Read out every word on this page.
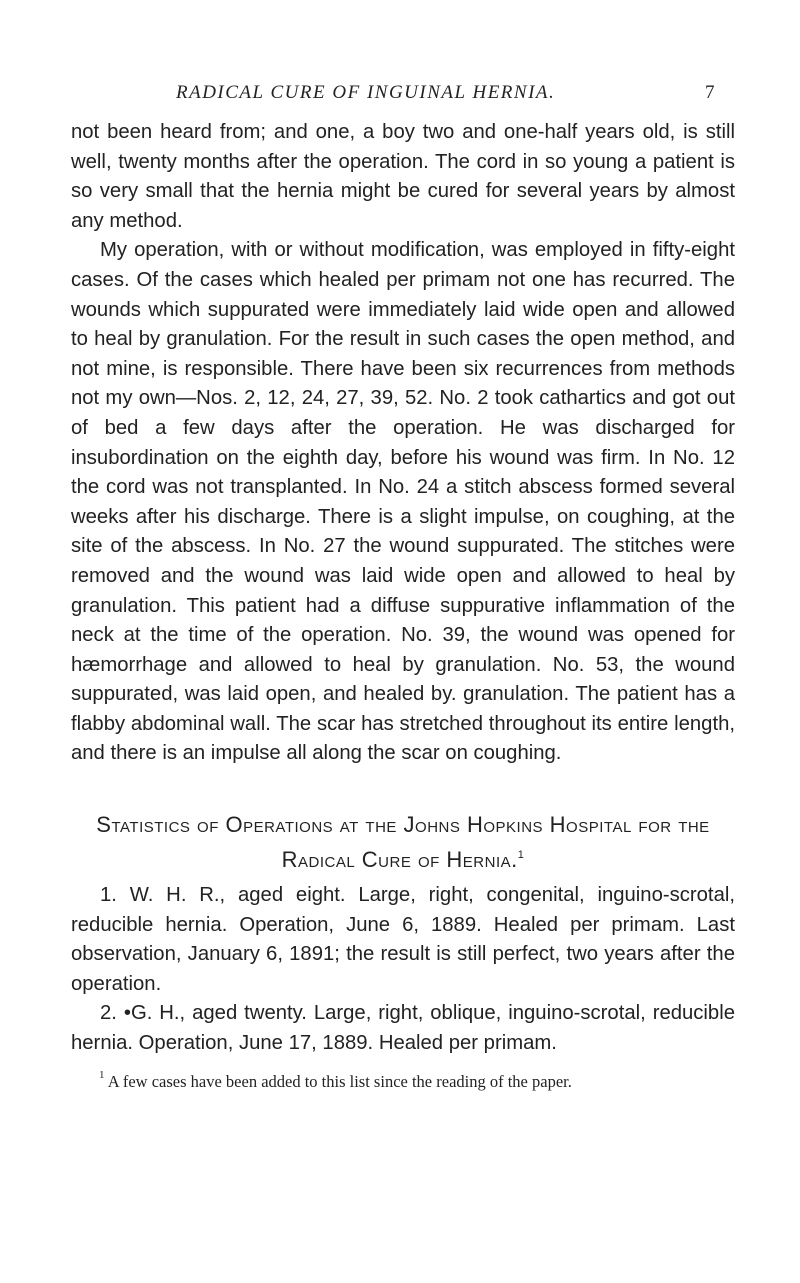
RADICAL CURE OF INGUINAL HERNIA.	7

not been heard from; and one, a boy two and one-half years old, is still well, twenty months after the operation. The cord in so young a patient is so very small that the hernia might be cured for several years by almost any method.

My operation, with or without modification, was employed in fifty-eight cases. Of the cases which healed per primam not one has recurred. The wounds which suppurated were immediately laid wide open and allowed to heal by granulation. For the result in such cases the open method, and not mine, is responsible. There have been six recurrences from methods not my own—Nos. 2, 12, 24, 27, 39, 52. No. 2 took cathartics and got out of bed a few days after the operation. He was discharged for insubordination on the eighth day, before his wound was firm. In No. 12 the cord was not transplanted. In No. 24 a stitch abscess formed several weeks after his discharge. There is a slight impulse, on coughing, at the site of the abscess. In No. 27 the wound suppurated. The stitches were removed and the wound was laid wide open and allowed to heal by granulation. This patient had a diffuse suppurative inflammation of the neck at the time of the operation. No. 39, the wound was opened for hæmorrhage and allowed to heal by granulation. No. 53, the wound suppurated, was laid open, and healed by. granulation. The patient has a flabby abdominal wall. The scar has stretched throughout its entire length, and there is an impulse all along the scar on coughing.

Statistics of Operations at the Johns Hopkins Hospital for the Radical Cure of Hernia.$^1$

1. W. H. R., aged eight. Large, right, congenital, inguino-scrotal, reducible hernia. Operation, June 6, 1889. Healed per primam. Last observation, January 6, 1891; the result is still perfect, two years after the operation.

2. •G. H., aged twenty. Large, right, oblique, inguino-scrotal, reducible hernia. Operation, June 17, 1889. Healed per primam.

$^1$ A few cases have been added to this list since the reading of the paper.
